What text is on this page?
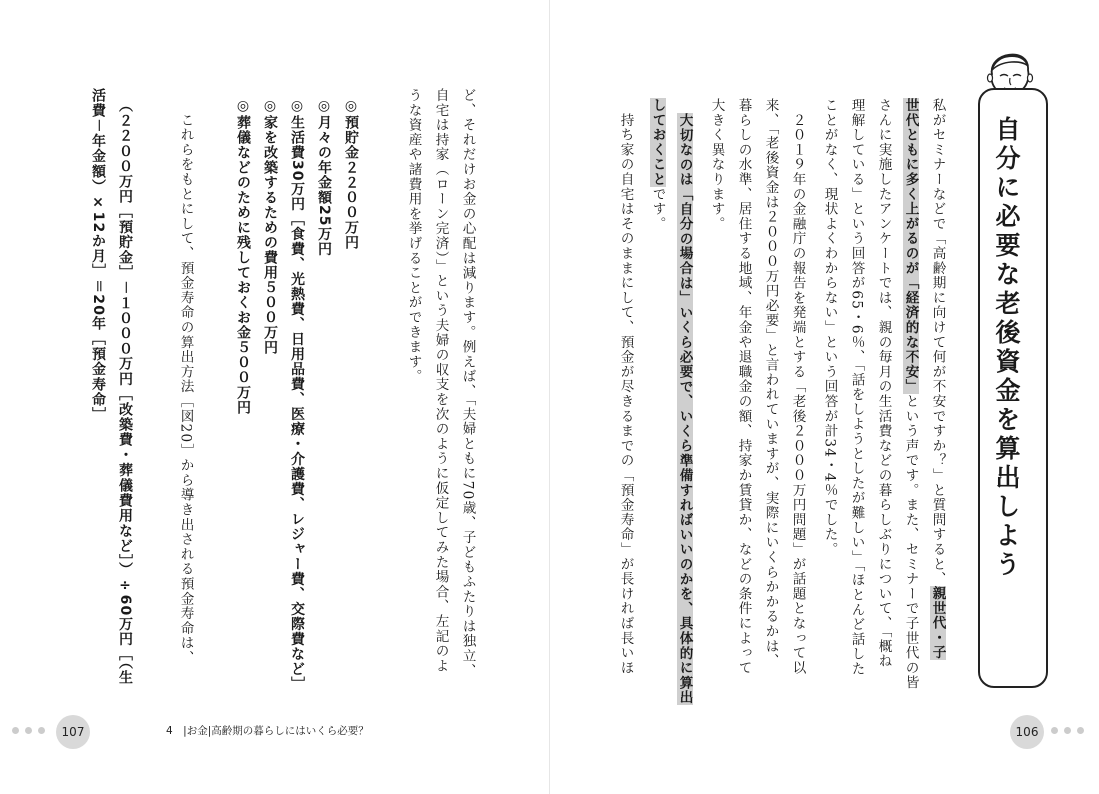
自分に必要な老後資金を算出しよう
私がセミナーなどで「高齢期に向けて何が不安ですか？」と質問すると、親世代・子
世代ともに多く上がるのが「経済的な不安」という声です。また、セミナーで子世代の皆
さんに実施したアンケートでは、親の毎月の生活費などの暮らしぶりについて、「概ね
理解している」という回答が65・6％、「話をしようとしたが難しい」「ほとんど話した
ことがなく、現状よくわからない」という回答が計34・4％でした。
　２０１９年の金融庁の報告を発端とする「老後２０００万円問題」が話題となって以
来、「老後資金は２０００万円必要」と言われていますが、実際にいくらかかるかは、
暮らしの水準、居住する地域、年金や退職金の額、持家か賃貸か、などの条件によって
大きく異なります。
　大切なのは「自分の場合は」いくら必要で、いくら準備すればいいのかを、具体的に算出
しておくことです。
　持ち家の自宅はそのままにして、預金が尽きるまでの「預金寿命」が長ければ長いほ
ど、それだけお金の心配は減ります。例えば、「夫婦ともに70歳、子どもふたりは独立、
自宅は持家（ローン完済）」という夫婦の収支を次のように仮定してみた場合、左記のよ
うな資産や諸費用を挙げることができます。
◎預貯金２２００万円
◎月々の年金額25万円
◎生活費30万円［食費、光熱費、日用品費、医療・介護費、レジャー費、交際費など］
◎家を改築するための費用５００万円
◎葬儀などのために残しておくお金５００万円
　これらをもとにして、預金寿命の算出方法［図20］から導き出される預金寿命は、
（２２００万円［預貯金］－１０００万円［改築費・葬儀費用など］）÷60万円［（生
活費－年金額）×12か月］＝20年［預金寿命］
107	4　|お金|高齢期の暮らしにはいくら必要？	106
